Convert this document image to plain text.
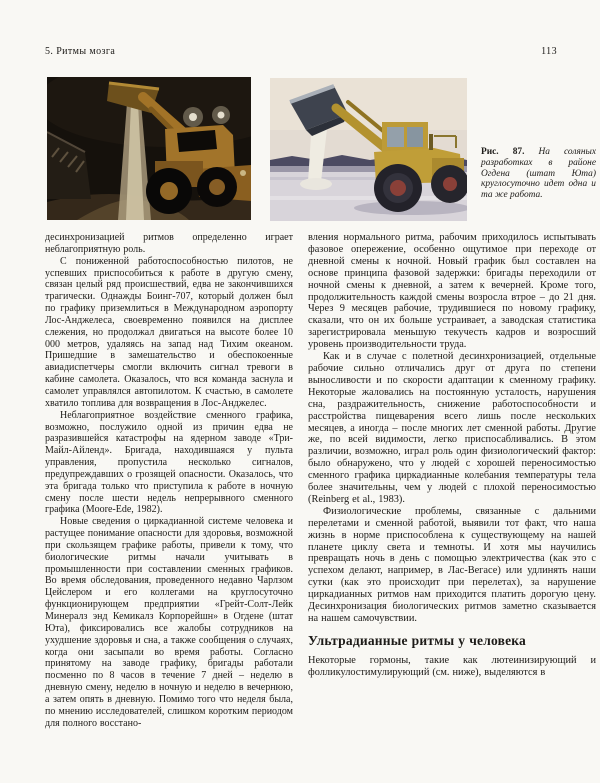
5. Ритмы мозга	113
Рис. 87. На соляных разработках в районе Огдена (штат Юта) круглосуточно идет одна и та же работа.

десинхронизацией ритмов определенно играет неблагоприятную роль.

С пониженной работоспособностью пилотов, не успевших приспособиться к работе в другую смену, связан целый ряд происшествий, едва не закончившихся трагически. Однажды Боинг-707, который должен был по графику приземлиться в Международном аэропорту Лос-Анджелеса, своевременно появился на дисплее слежения, но продолжал двигаться на высоте более 10 000 метров, удаляясь на запад над Тихим океаном. Пришедшие в замешательство и обеспокоенные авиадиспетчеры смогли включить сигнал тревоги в кабине самолета. Оказалось, что вся команда заснула и самолет управлялся автопилотом. К счастью, в самолете хватило топлива для возвращения в Лос-Анджелес.

Неблагоприятное воздействие сменного графика, возможно, послужило одной из причин едва не разразившейся катастрофы на ядерном заводе «Три-Майл-Айленд». Бригада, находившаяся у пульта управления, пропустила несколько сигналов, предупреждавших о грозящей опасности. Оказалось, что эта бригада только что приступила к работе в ночную смену после шести недель непрерывного сменного графика (Moore-Ede, 1982).

Новые сведения о циркадианной системе человека и растущее понимание опасности для здоровья, возможной при скользящем графике работы, привели к тому, что биологические ритмы начали учитывать в промышленности при составлении сменных графиков. Во время обследования, проведенного недавно Чарлзом Цейслером и его коллегами на круглосуточно функционирующем предприятии «Грейт-Солт-Лейк Минералз энд Кемикалз Корпорейшн» в Огдене (штат Юта), фиксировались все жалобы сотрудников на ухудшение здоровья и сна, а также сообщения о случаях, когда они засыпали во время работы. Согласно принятому на заводе графику, бригады работали посменно по 8 часов в течение 7 дней – неделю в дневную смену, неделю в ночную и неделю в вечернюю, а затем опять в дневную. Помимо того что неделя была, по мнению исследователей, слишком коротким периодом для полного восстано-

вления нормального ритма, рабочим приходилось испытывать фазовое опережение, особенно ощутимое при переходе от дневной смены к ночной. Новый график был составлен на основе принципа фазовой задержки: бригады переходили от ночной смены к дневной, а затем к вечерней. Кроме того, продолжительность каждой смены возросла втрое – до 21 дня. Через 9 месяцев рабочие, трудившиеся по новому графику, сказали, что он их больше устраивает, а заводская статистика зарегистрировала меньшую текучесть кадров и возросший уровень производительности труда.

Как и в случае с полетной десинхронизацией, отдельные рабочие сильно отличались друг от друга по степени выносливости и по скорости адаптации к сменному графику. Некоторые жаловались на постоянную усталость, нарушения сна, раздражительность, снижение работоспособности и расстройства пищеварения всего лишь после нескольких месяцев, а иногда – после многих лет сменной работы. Другие же, по всей видимости, легко приспосабливались. В этом различии, возможно, играл роль один физиологический фактор: было обнаружено, что у людей с хорошей переносимостью сменного графика циркадианные колебания температуры тела более значительны, чем у людей с плохой переносимостью (Reinberg et al., 1983).

Физиологические проблемы, связанные с дальними перелетами и сменной работой, выявили тот факт, что наша жизнь в норме приспособлена к существующему на нашей планете циклу света и темноты. И хотя мы научились превращать ночь в день с помощью электричества (как это с успехом делают, например, в Лас-Вегасе) или удлинять наши сутки (как это происходит при перелетах), за нарушение циркадианных ритмов нам приходится платить дорогую цену. Десинхронизация биологических ритмов заметно сказывается на нашем самочувствии.

Ультрадианные ритмы у человека

Некоторые гормоны, такие как лютеинизирующий и фолликулостимулирующий (см. ниже), выделяются в
